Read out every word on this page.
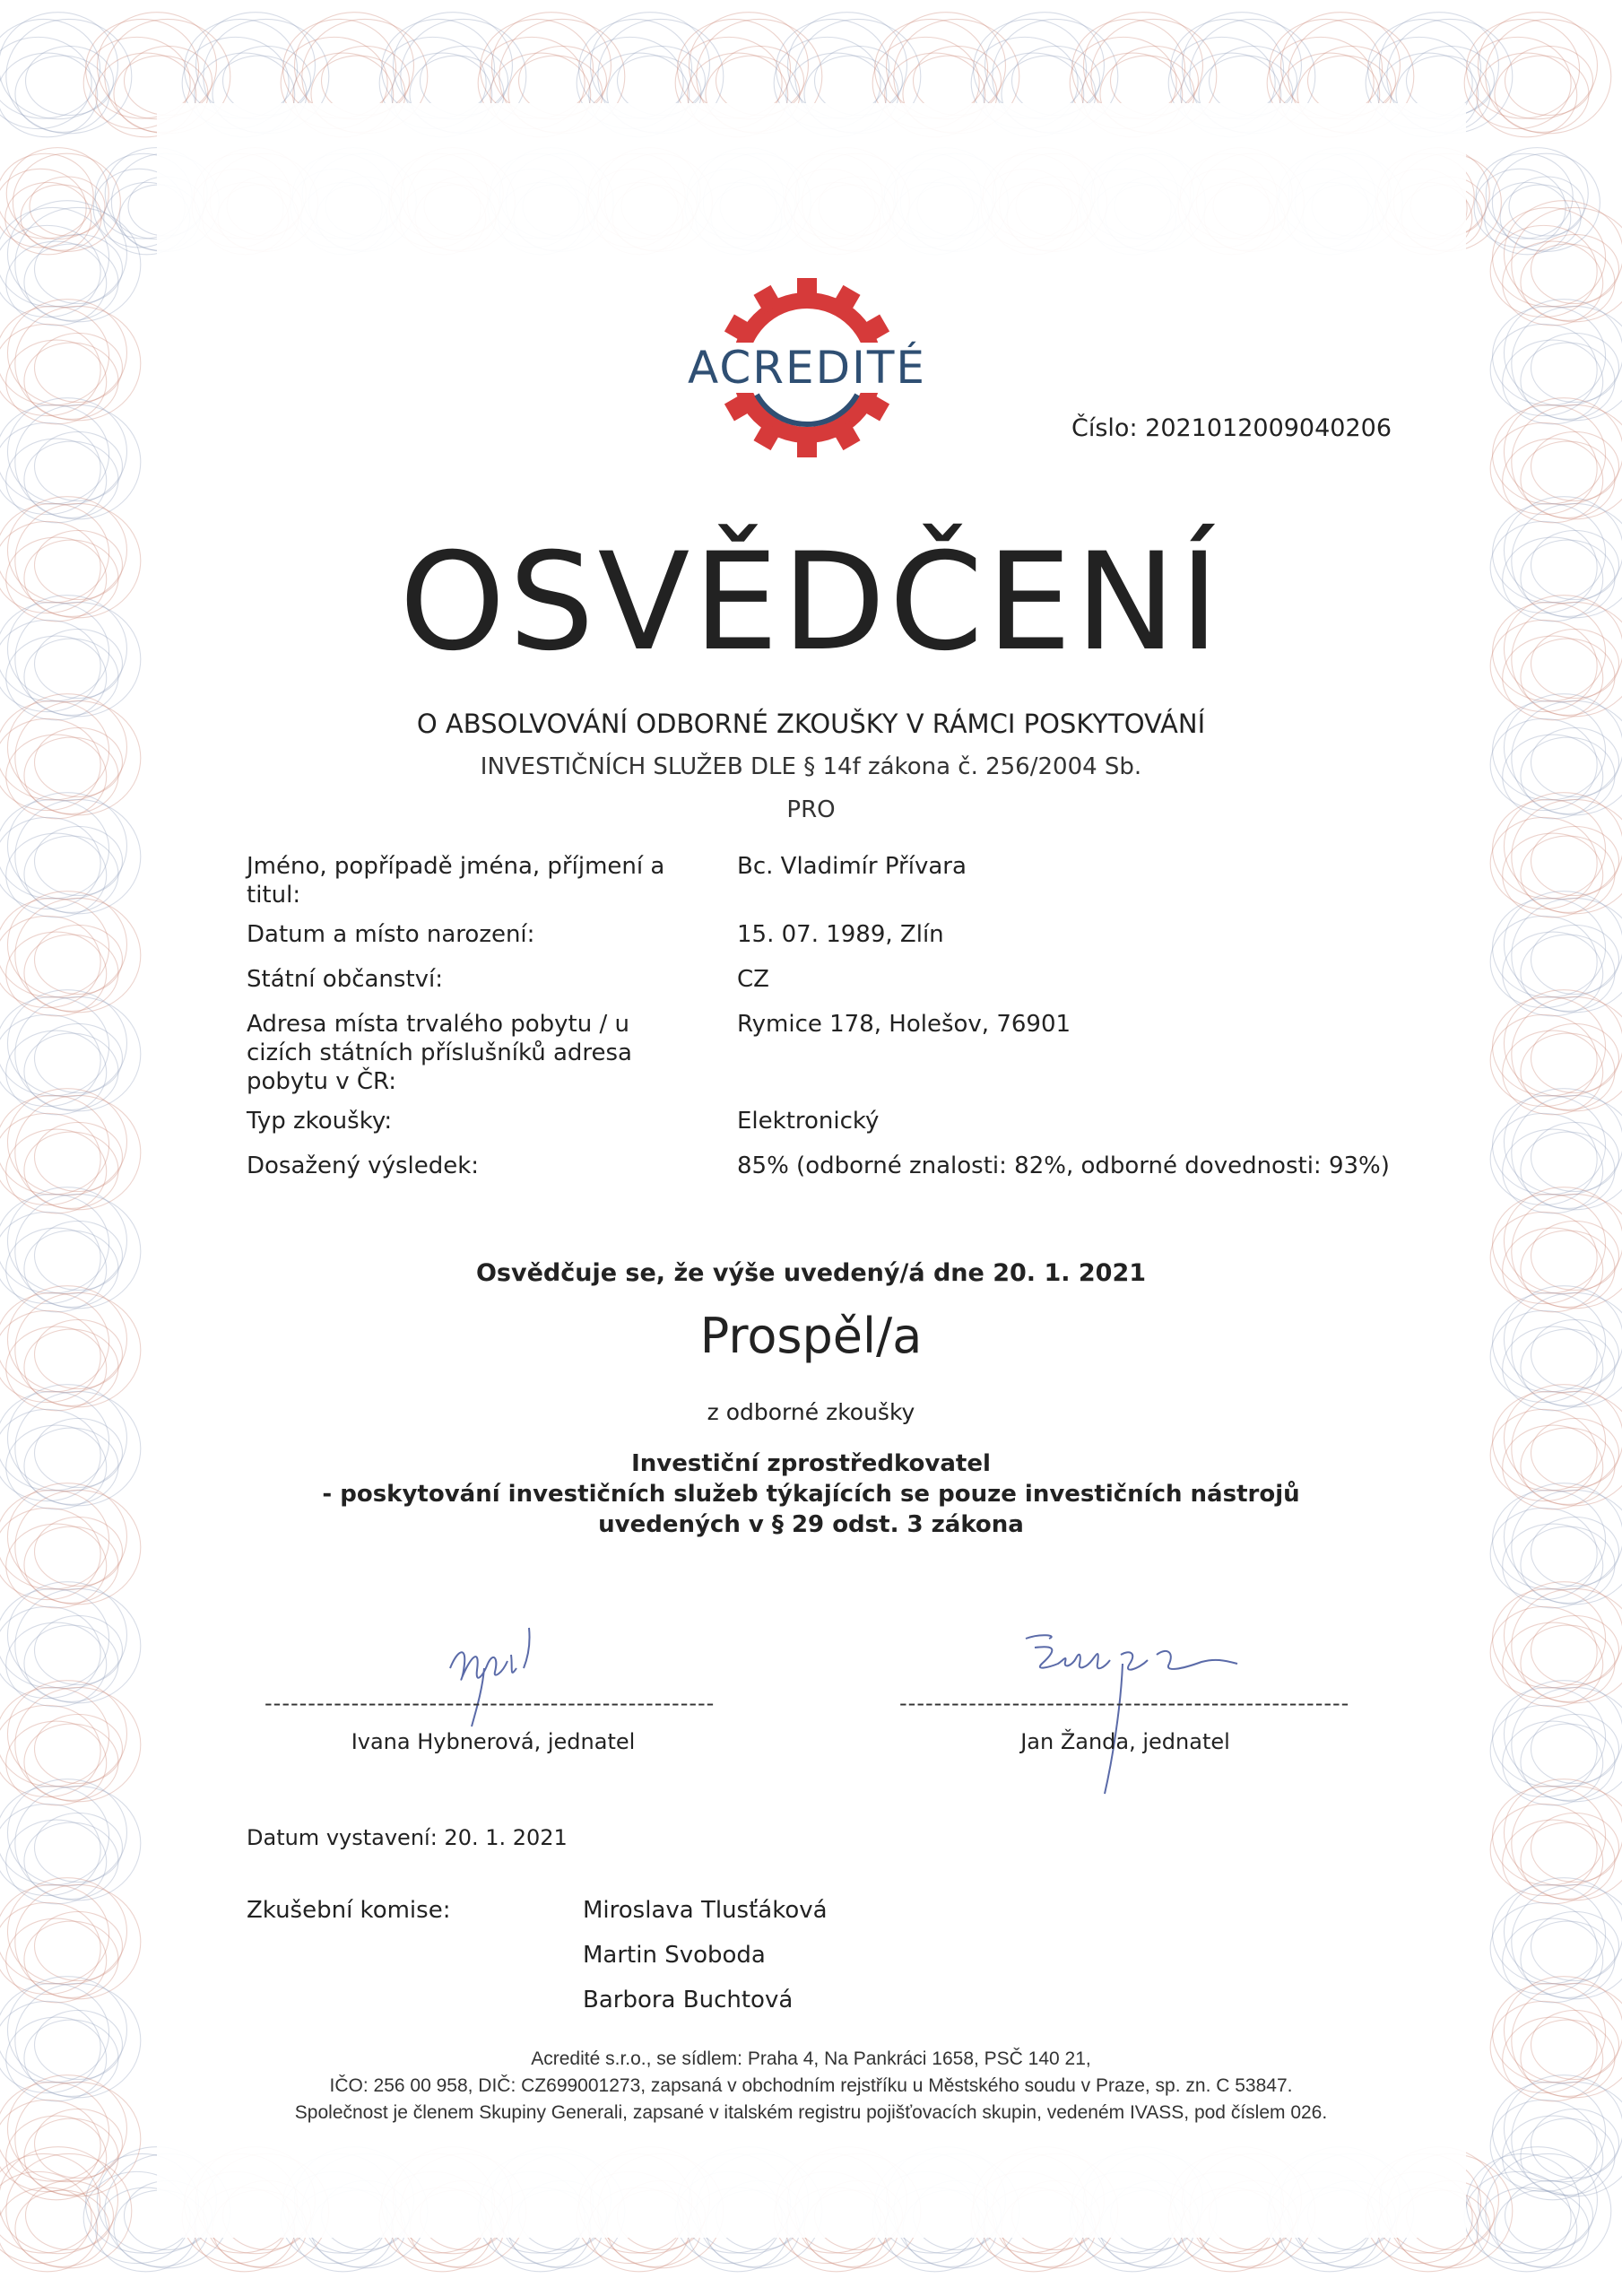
ACREDITÉ
Číslo: 2021012009040206
OSVĚDČENÍ
O ABSOLVOVÁNÍ ODBORNÉ ZKOUŠKY V RÁMCI POSKYTOVÁNÍ
INVESTIČNÍCH SLUŽEB DLE § 14f zákona č. 256/2004 Sb.
PRO
Jméno, popřípadě jména, příjmení a titul:
Bc. Vladimír Přívara
Datum a místo narození:	15. 07. 1989, Zlín
Státní občanství:	CZ
Adresa místa trvalého pobytu / u cizích státních příslušníků adresa pobytu v ČR:
Rymice 178, Holešov, 76901
Typ zkoušky:	Elektronický
Dosažený výsledek:	85% (odborné znalosti: 82%, odborné dovednosti: 93%)
Osvědčuje se, že výše uvedený/á dne 20. 1. 2021
Prospěl/a
z odborné zkoušky
Investiční zprostředkovatel
- poskytování investičních služeb týkajících se pouze investičních nástrojů
uvedených v § 29 odst. 3 zákona
----------------------------------------------------
Ivana Hybnerová, jednatel
----------------------------------------------------
Jan Žanda, jednatel
Datum vystavení: 20. 1. 2021
Zkušební komise:	Miroslava Tlusťáková
Martin Svoboda
Barbora Buchtová
Acredité s.r.o., se sídlem: Praha 4, Na Pankráci 1658, PSČ 140 21,
IČO: 256 00 958, DIČ: CZ699001273, zapsaná v obchodním rejstříku u Městského soudu v Praze, sp. zn. C 53847.
Společnost je členem Skupiny Generali, zapsané v italském registru pojišťovacích skupin, vedeném IVASS, pod číslem 026.
